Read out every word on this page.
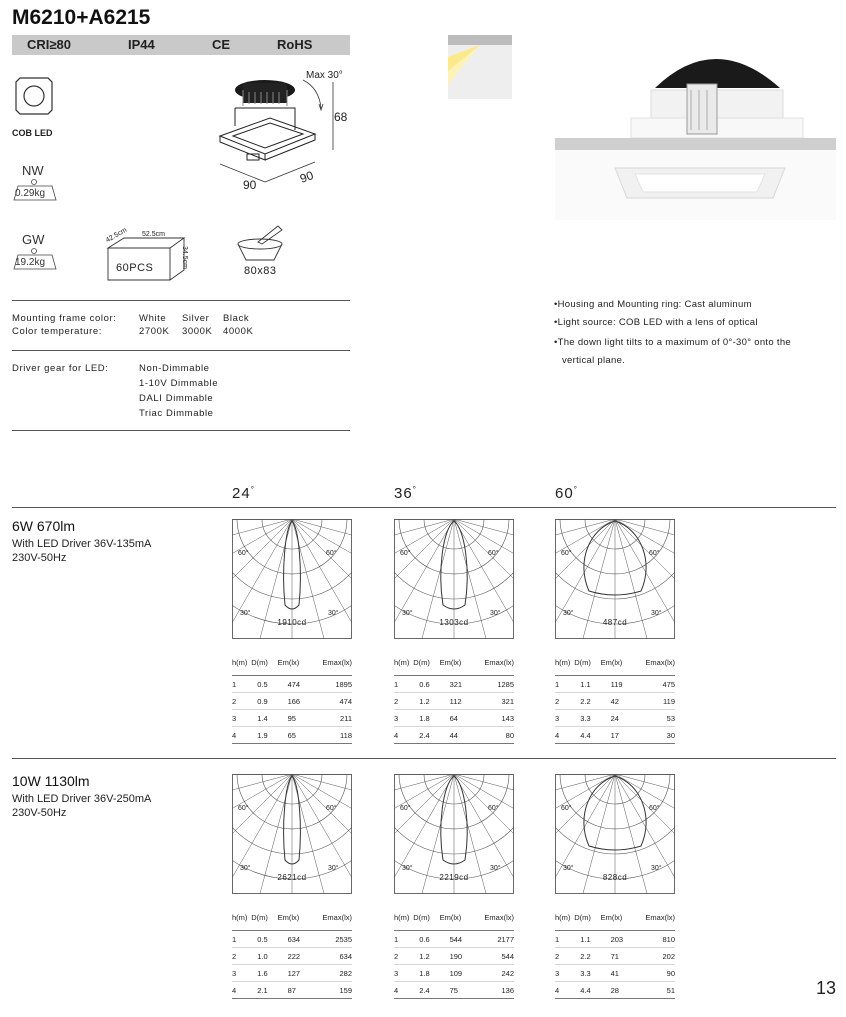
M6210+A6215
CRI≥80	IP44	CE	RoHS
COB LED
Max 30°
68
90	90
NW
0.29kg
GW
19.2kg
42.5cm 52.5cm
34.5cm
60PCS	80x83
Mounting frame color: White Silver Black
Color temperature:	2700K 3000K 4000K
Driver gear for LED:	Non-Dimmable
1-10V Dimmable
DALI Dimmable
Triac Dimmable
•Housing and Mounting ring: Cast aluminum
•Light source: COB LED with a lens of optical
•The down light tilts to a maximum of 0°-30° onto the
vertical plane.
24°	36°	60°
6W 670lm
With LED Driver 36V-135mA
230V-50Hz	60°	60°
30°	30°
1910cd
h(m)	D(m)	Em(lx)	Emax(lx)
1	0.5	474	1895
2	0.9	166	474
3	1.4	95	211
4	1.9	65	118
60°	60°
30°	30°
1303cd
h(m)	D(m)	Em(lx)	Emax(lx)
1	0.6	321	1285
2	1.2	112	321
3	1.8	64	143
4	2.4	44	80
60°	60°
30°	30°
487cd
h(m)	D(m)	Em(lx)	Emax(lx)
1	1.1	119	475
2	2.2	42	119
3	3.3	24	53
4	4.4	17	30
10W 1130lm
With LED Driver 36V-250mA
230V-50Hz	60°	60°
30°	30°
2621cd
h(m)	D(m)	Em(lx)	Emax(lx)
1	0.5	634	2535
2	1.0	222	634
3	1.6	127	282
4	2.1	87	159
60°	60°
30°	30°
2219cd
h(m)	D(m)	Em(lx)	Emax(lx)
1	0.6	544	2177
2	1.2	190	544
3	1.8	109	242
4	2.4	75	136
60°	60°
30°	30°
828cd
h(m)	D(m)	Em(lx)	Emax(lx)
1	1.1	203	810
2	2.2	71	202
3	3.3	41	90
4	4.4	28	51	13
